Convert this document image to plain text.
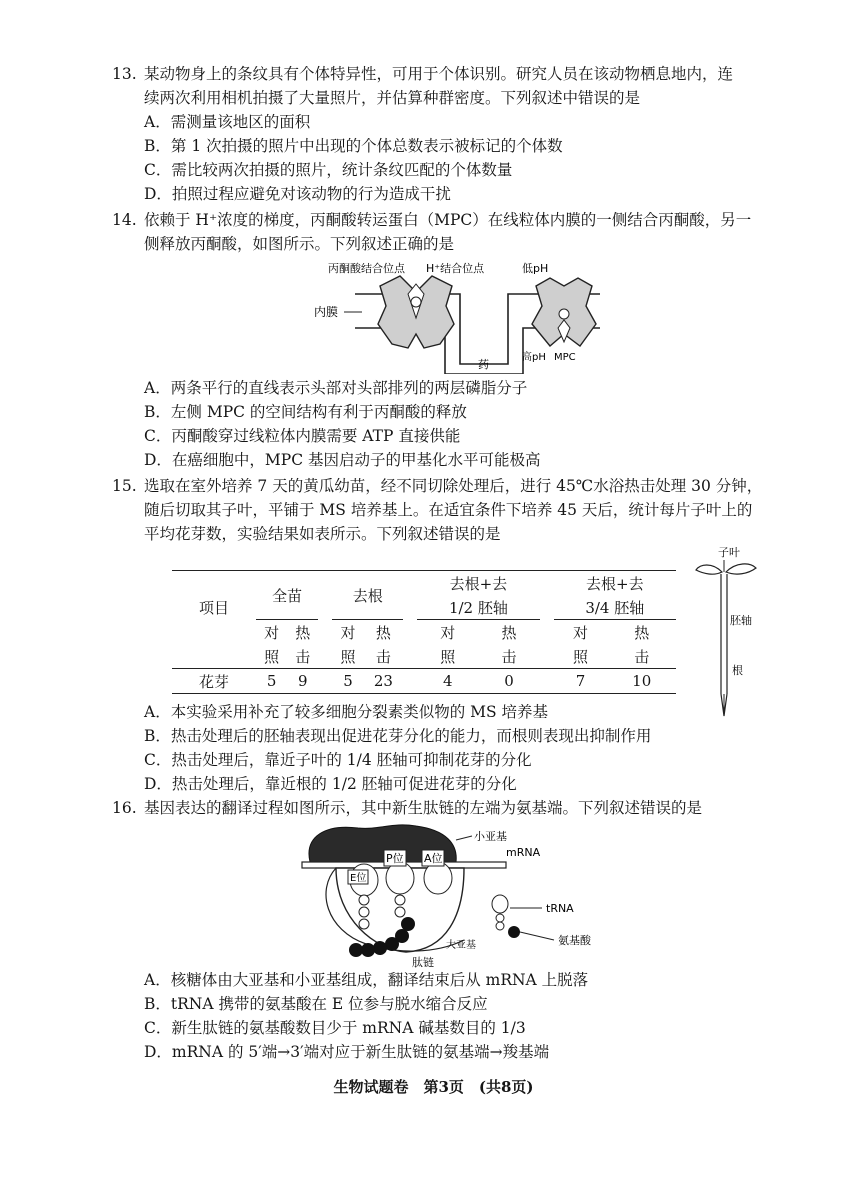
13. 某动物身上的条纹具有个体特异性，可用于个体识别。研究人员在该动物栖息地内，连
续两次利用相机拍摄了大量照片，并估算种群密度。下列叙述中错误的是
A．需测量该地区的面积
B．第 1 次拍摄的照片中出现的个体总数表示被标记的个体数
C．需比较两次拍摄的照片，统计条纹匹配的个体数量
D．拍照过程应避免对该动物的行为造成干扰
14. 依赖于 H⁺浓度的梯度，丙酮酸转运蛋白（MPC）在线粒体内膜的一侧结合丙酮酸，另一
侧释放丙酮酸，如图所示。下列叙述正确的是
丙酮酸结合位点 H⁺结合位点	低pH
内膜
药
高pH MPC
A．两条平行的直线表示头部对头部排列的两层磷脂分子
B．左侧 MPC 的空间结构有利于丙酮酸的释放
C．丙酮酸穿过线粒体内膜需要 ATP 直接供能
D．在癌细胞中，MPC 基因启动子的甲基化水平可能极高
15. 选取在室外培养 7 天的黄瓜幼苗，经不同切除处理后，进行 45℃水浴热击处理 30 分钟，
随后切取其子叶，平铺于 MS 培养基上。在适宜条件下培养 45 天后，统计每片子叶上的
平均花芽数，实验结果如表所示。下列叙述错误的是
项目	全苗			去根			去根+去			去根+去	
							1/2 胚轴			3/4 胚轴	
	对	热		对	热		对	热		对	热
	照	击		照	击		照	击		照	击
花芽	5	9		5	23		4	0		7	10
子叶
胚轴
根
A．本实验采用补充了较多细胞分裂素类似物的 MS 培养基
B．热击处理后的胚轴表现出促进花芽分化的能力，而根则表现出抑制作用
C．热击处理后，靠近子叶的 1/4 胚轴可抑制花芽的分化
D．热击处理后，靠近根的 1/2 胚轴可促进花芽的分化
16. 基因表达的翻译过程如图所示，其中新生肽链的左端为氨基端。下列叙述错误的是
P位 A位
E位
小亚基
mRNA
tRNA
大亚基	氨基酸
肽链
A．核糖体由大亚基和小亚基组成，翻译结束后从 mRNA 上脱落
B．tRNA 携带的氨基酸在 E 位参与脱水缩合反应
C．新生肽链的氨基酸数目少于 mRNA 碱基数目的 1/3
D．mRNA 的 5′端→3′端对应于新生肽链的氨基端→羧基端
生物试题卷　第3页　(共8页)
